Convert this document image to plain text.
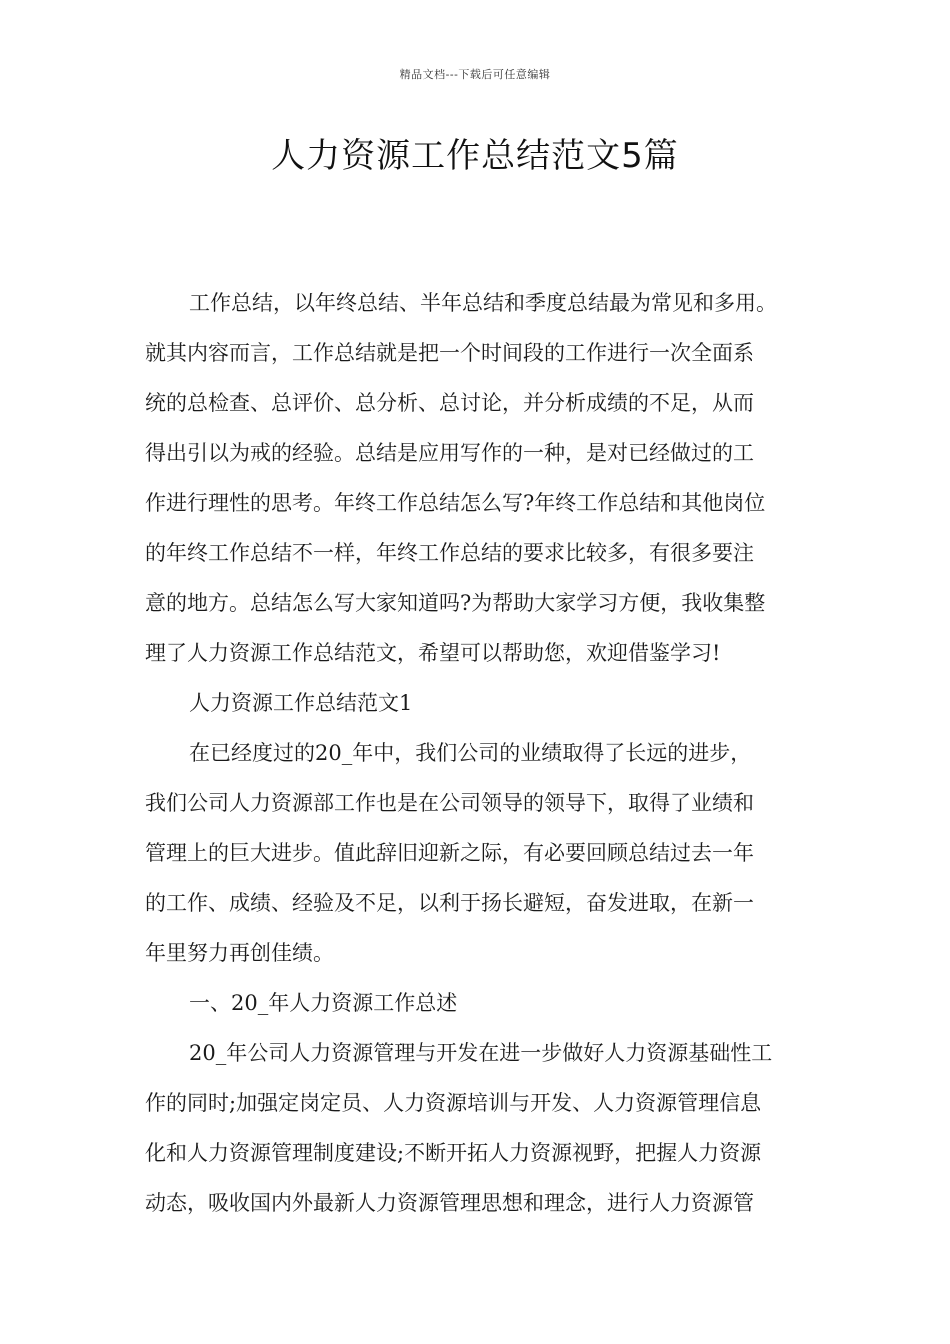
精品文档---下载后可任意编辑
人力资源工作总结范文5篇
工作总结，以年终总结、半年总结和季度总结最为常见和多用。
就其内容而言，工作总结就是把一个时间段的工作进行一次全面系
统的总检查、总评价、总分析、总讨论，并分析成绩的不足，从而
得出引以为戒的经验。总结是应用写作的一种，是对已经做过的工
作进行理性的思考。年终工作总结怎么写?年终工作总结和其他岗位
的年终工作总结不一样，年终工作总结的要求比较多，有很多要注
意的地方。总结怎么写大家知道吗?为帮助大家学习方便，我收集整
理了人力资源工作总结范文，希望可以帮助您，欢迎借鉴学习!
人力资源工作总结范文1
在已经度过的20_年中，我们公司的业绩取得了长远的进步，
我们公司人力资源部工作也是在公司领导的领导下，取得了业绩和
管理上的巨大进步。值此辞旧迎新之际，有必要回顾总结过去一年
的工作、成绩、经验及不足，以利于扬长避短，奋发进取，在新一
年里努力再创佳绩。
一、20_年人力资源工作总述
20_年公司人力资源管理与开发在进一步做好人力资源基础性工
作的同时;加强定岗定员、人力资源培训与开发、人力资源管理信息
化和人力资源管理制度建设;不断开拓人力资源视野，把握人力资源
动态，吸收国内外最新人力资源管理思想和理念，进行人力资源管
